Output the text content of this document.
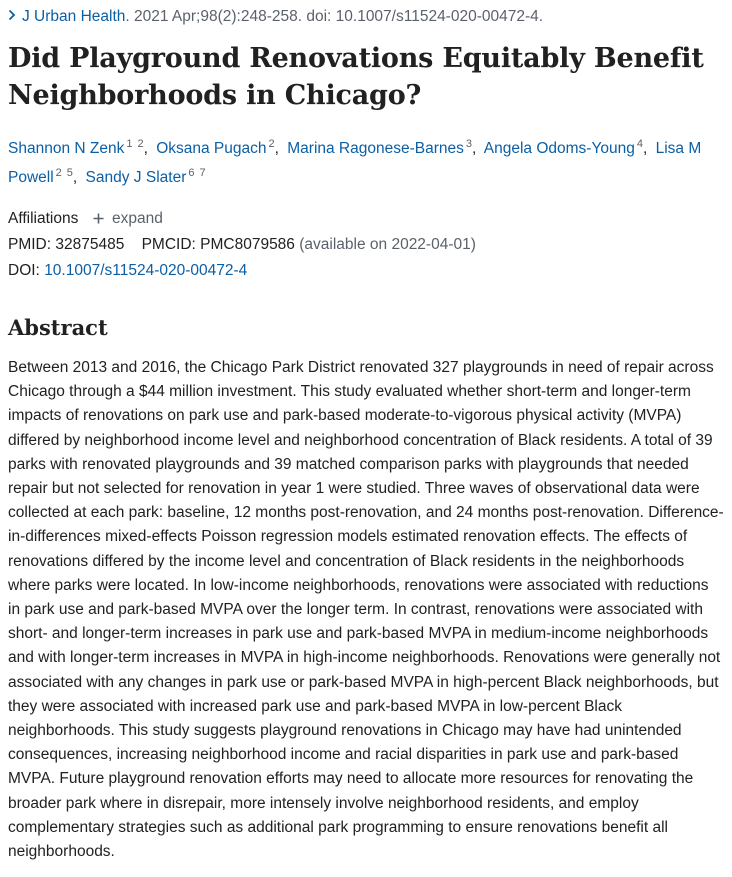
J Urban Health. 2021 Apr;98(2):248-258. doi: 10.1007/s11524-020-00472-4.
Did Playground Renovations Equitably Benefit Neighborhoods in Chicago?
Shannon N Zenk $^{1 2}$, Oksana Pugach $^2$, Marina Ragonese-Barnes $^3$, Angela Odoms-Young $^4$, Lisa M Powell $^{2 5}$, Sandy J Slater $^{6 7}$
Affiliations expand
PMID: 32875485 PMCID: PMC8079586 (available on 2022-04-01)
DOI: 10.1007/s11524-020-00472-4
Abstract

Between 2013 and 2016, the Chicago Park District renovated 327 playgrounds in need of repair across Chicago through a $44 million investment. This study evaluated whether short-term and longer-term impacts of renovations on park use and park-based moderate-to-vigorous physical activity (MVPA) differed by neighborhood income level and neighborhood concentration of Black residents. A total of 39 parks with renovated playgrounds and 39 matched comparison parks with playgrounds that needed repair but not selected for renovation in year 1 were studied. Three waves of observational data were collected at each park: baseline, 12 months post-renovation, and 24 months post-renovation. Difference-in-differences mixed-effects Poisson regression models estimated renovation effects. The effects of renovations differed by the income level and concentration of Black residents in the neighborhoods where parks were located. In low-income neighborhoods, renovations were associated with reductions in park use and park-based MVPA over the longer term. In contrast, renovations were associated with short- and longer-term increases in park use and park-based MVPA in medium-income neighborhoods and with longer-term increases in MVPA in high-income neighborhoods. Renovations were generally not associated with any changes in park use or park-based MVPA in high-percent Black neighborhoods, but they were associated with increased park use and park-based MVPA in low-percent Black neighborhoods. This study suggests playground renovations in Chicago may have had unintended consequences, increasing neighborhood income and racial disparities in park use and park-based MVPA. Future playground renovation efforts may need to allocate more resources for renovating the broader park where in disrepair, more intensely involve neighborhood residents, and employ complementary strategies such as additional park programming to ensure renovations benefit all neighborhoods.
